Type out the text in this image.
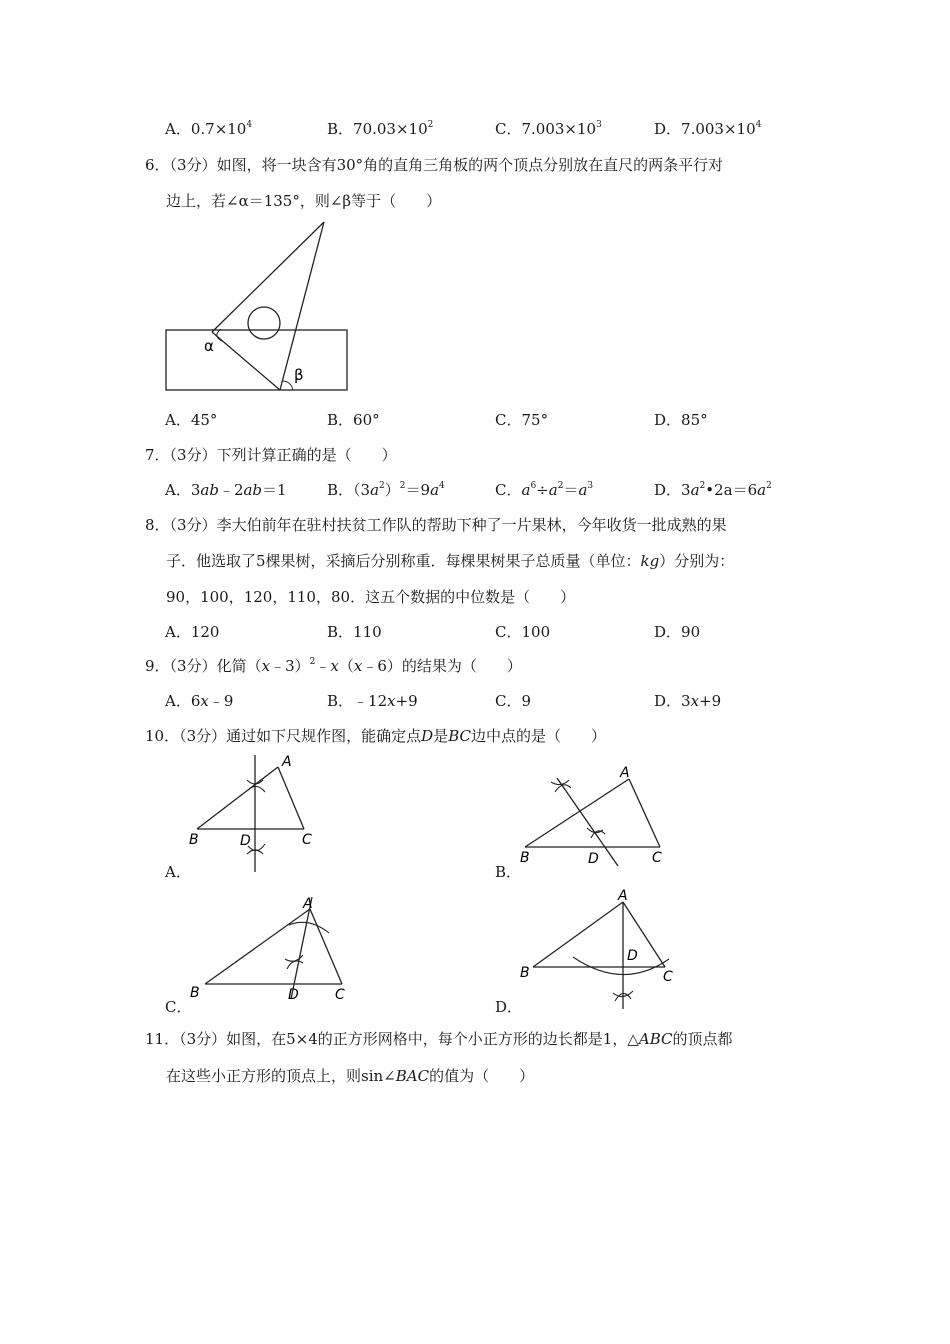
A．$0.7\times 10^4$	B．$70.03\times 10^2$	C．$7.003\times 10^3$	D．$7.003\times 10^4$
6．（3分）如图，将一块含有30°角的直角三角板的两个顶点分别放在直尺的两条平行对
边上，若∠α＝135°，则∠β等于（　　）
α
β
A．45°	B．60°	C．75°	D．85°
7．（3分）下列计算正确的是（　　）
A．3ab﹣2ab＝1	B．$(3a^2)^2=9a^4$	C．$a^6\div a^2=a^3$	D．$3a^2•2a=6a^2$
8．（3分）李大伯前年在驻村扶贫工作队的帮助下种了一片果林，今年收货一批成熟的果
子．他选取了5棵果树，采摘后分别称重．每棵果树果子总质量（单位：kg）分别为：
90，100，120，110，80．这五个数据的中位数是（　　）
A．120	B．110	C．100	D．90
9．（3分）化简（x﹣3）$^2$﹣x（x﹣6）的结果为（　　）
A．6x﹣9	B．﹣12x+9	C．9	D．3x+9
10．（3分）通过如下尺规作图，能确定点D是BC边中点的是（　　）
A
B	C
D
A．
A
B	C
D
B．
A
B	C
D
C．
A
B	C
D
D．
11．（3分）如图，在5×4的正方形网格中，每个小正方形的边长都是1，△ABC的顶点都
在这些小正方形的顶点上，则sin∠BAC的值为（　　）
